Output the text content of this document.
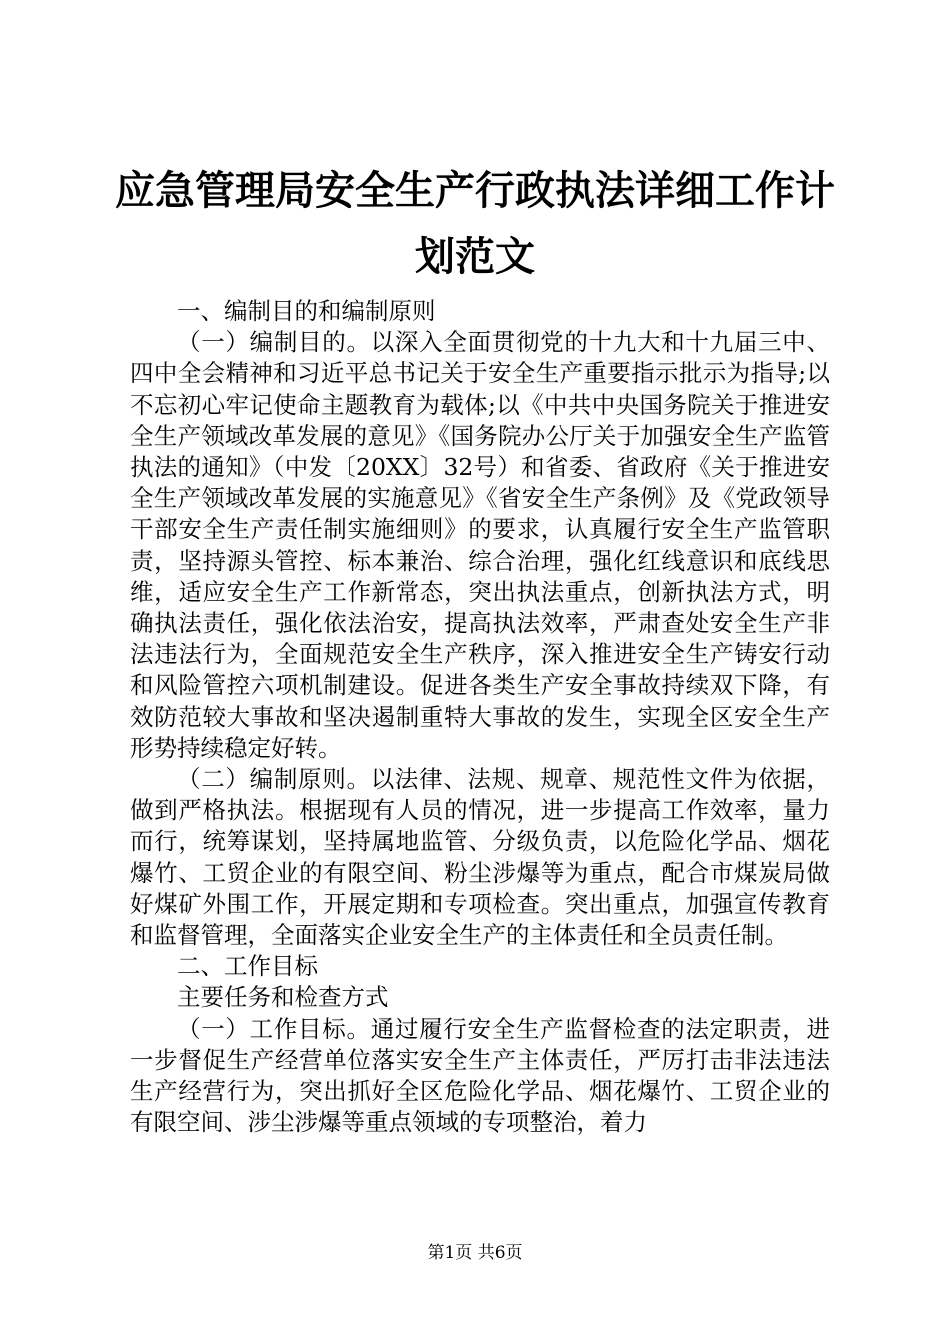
应急管理局安全生产行政执法详细工作计划范文

一、编制目的和编制原则

（一）编制目的。以深入全面贯彻党的十九大和十九届三中、四中全会精神和习近平总书记关于安全生产重要指示批示为指导;以不忘初心牢记使命主题教育为载体;以《中共中央国务院关于推进安全生产领域改革发展的意见》《国务院办公厅关于加强安全生产监管执法的通知》（中发〔20XX〕32号）和省委、省政府《关于推进安全生产领域改革发展的实施意见》《省安全生产条例》及《党政领导干部安全生产责任制实施细则》的要求，认真履行安全生产监管职责，坚持源头管控、标本兼治、综合治理，强化红线意识和底线思维，适应安全生产工作新常态，突出执法重点，创新执法方式，明确执法责任，强化依法治安，提高执法效率，严肃查处安全生产非法违法行为，全面规范安全生产秩序，深入推进安全生产铸安行动和风险管控六项机制建设。促进各类生产安全事故持续双下降，有效防范较大事故和坚决遏制重特大事故的发生，实现全区安全生产形势持续稳定好转。

（二）编制原则。以法律、法规、规章、规范性文件为依据，做到严格执法。根据现有人员的情况，进一步提高工作效率，量力而行，统筹谋划，坚持属地监管、分级负责，以危险化学品、烟花爆竹、工贸企业的有限空间、粉尘涉爆等为重点，配合市煤炭局做好煤矿外围工作，开展定期和专项检查。突出重点，加强宣传教育和监督管理，全面落实企业安全生产的主体责任和全员责任制。

二、工作目标

主要任务和检查方式

（一）工作目标。通过履行安全生产监督检查的法定职责，进一步督促生产经营单位落实安全生产主体责任，严厉打击非法违法生产经营行为，突出抓好全区危险化学品、烟花爆竹、工贸企业的有限空间、涉尘涉爆等重点领域的专项整治，着力

第1页 共6页
